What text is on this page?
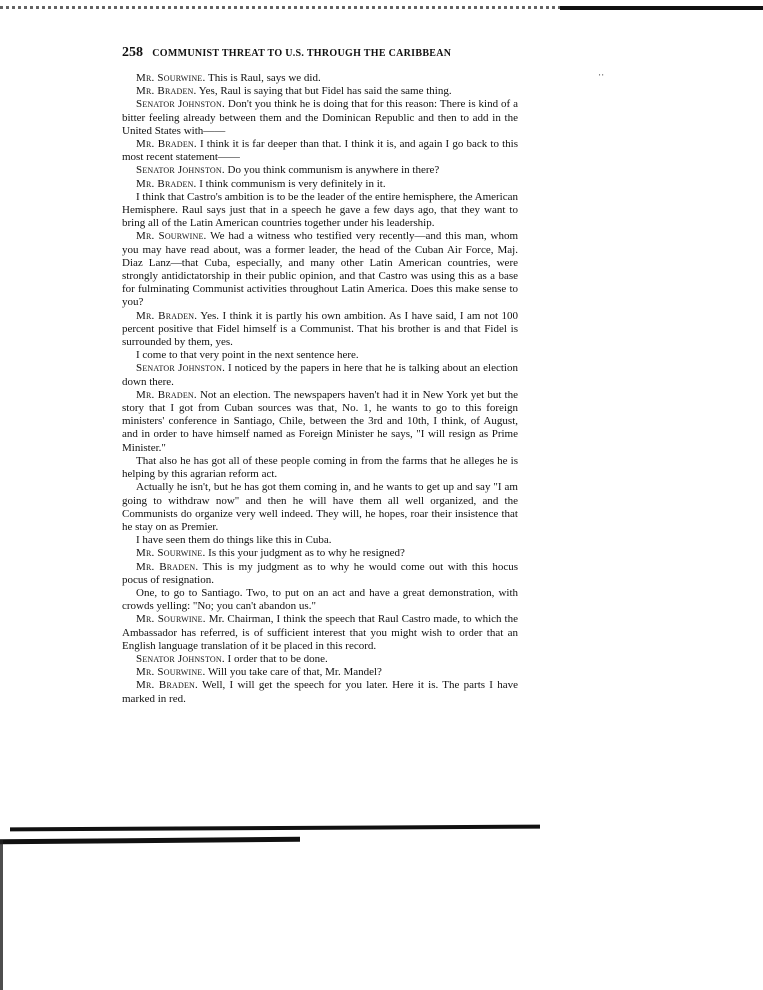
258 COMMUNIST THREAT TO U.S. THROUGH THE CARIBBEAN
⋅⋅

Mr. Sourwine. This is Raul, says we did.

Mr. Braden. Yes, Raul is saying that but Fidel has said the same thing.

Senator Johnston. Don't you think he is doing that for this reason: There is kind of a bitter feeling already between them and the Dominican Republic and then to add in the United States with——

Mr. Braden. I think it is far deeper than that. I think it is, and again I go back to this most recent statement——

Senator Johnston. Do you think communism is anywhere in there?

Mr. Braden. I think communism is very definitely in it.

I think that Castro's ambition is to be the leader of the entire hemisphere, the American Hemisphere. Raul says just that in a speech he gave a few days ago, that they want to bring all of the Latin American countries together under his leadership.

Mr. Sourwine. We had a witness who testified very recently—and this man, whom you may have read about, was a former leader, the head of the Cuban Air Force, Maj. Diaz Lanz—that Cuba, especially, and many other Latin American countries, were strongly antidictatorship in their public opinion, and that Castro was using this as a base for fulminating Communist activities throughout Latin America. Does this make sense to you?

Mr. Braden. Yes. I think it is partly his own ambition. As I have said, I am not 100 percent positive that Fidel himself is a Communist. That his brother is and that Fidel is surrounded by them, yes.

I come to that very point in the next sentence here.

Senator Johnston. I noticed by the papers in here that he is talking about an election down there.

Mr. Braden. Not an election. The newspapers haven't had it in New York yet but the story that I got from Cuban sources was that, No. 1, he wants to go to this foreign ministers' conference in Santiago, Chile, between the 3rd and 10th, I think, of August, and in order to have himself named as Foreign Minister he says, "I will resign as Prime Minister."

That also he has got all of these people coming in from the farms that he alleges he is helping by this agrarian reform act.

Actually he isn't, but he has got them coming in, and he wants to get up and say "I am going to withdraw now" and then he will have them all well organized, and the Communists do organize very well indeed. They will, he hopes, roar their insistence that he stay on as Premier.

I have seen them do things like this in Cuba.

Mr. Sourwine. Is this your judgment as to why he resigned?

Mr. Braden. This is my judgment as to why he would come out with this hocus pocus of resignation.

One, to go to Santiago. Two, to put on an act and have a great demonstration, with crowds yelling: "No; you can't abandon us."

Mr. Sourwine. Mr. Chairman, I think the speech that Raul Castro made, to which the Ambassador has referred, is of sufficient interest that you might wish to order that an English language translation of it be placed in this record.

Senator Johnston. I order that to be done.

Mr. Sourwine. Will you take care of that, Mr. Mandel?

Mr. Braden. Well, I will get the speech for you later. Here it is. The parts I have marked in red.
